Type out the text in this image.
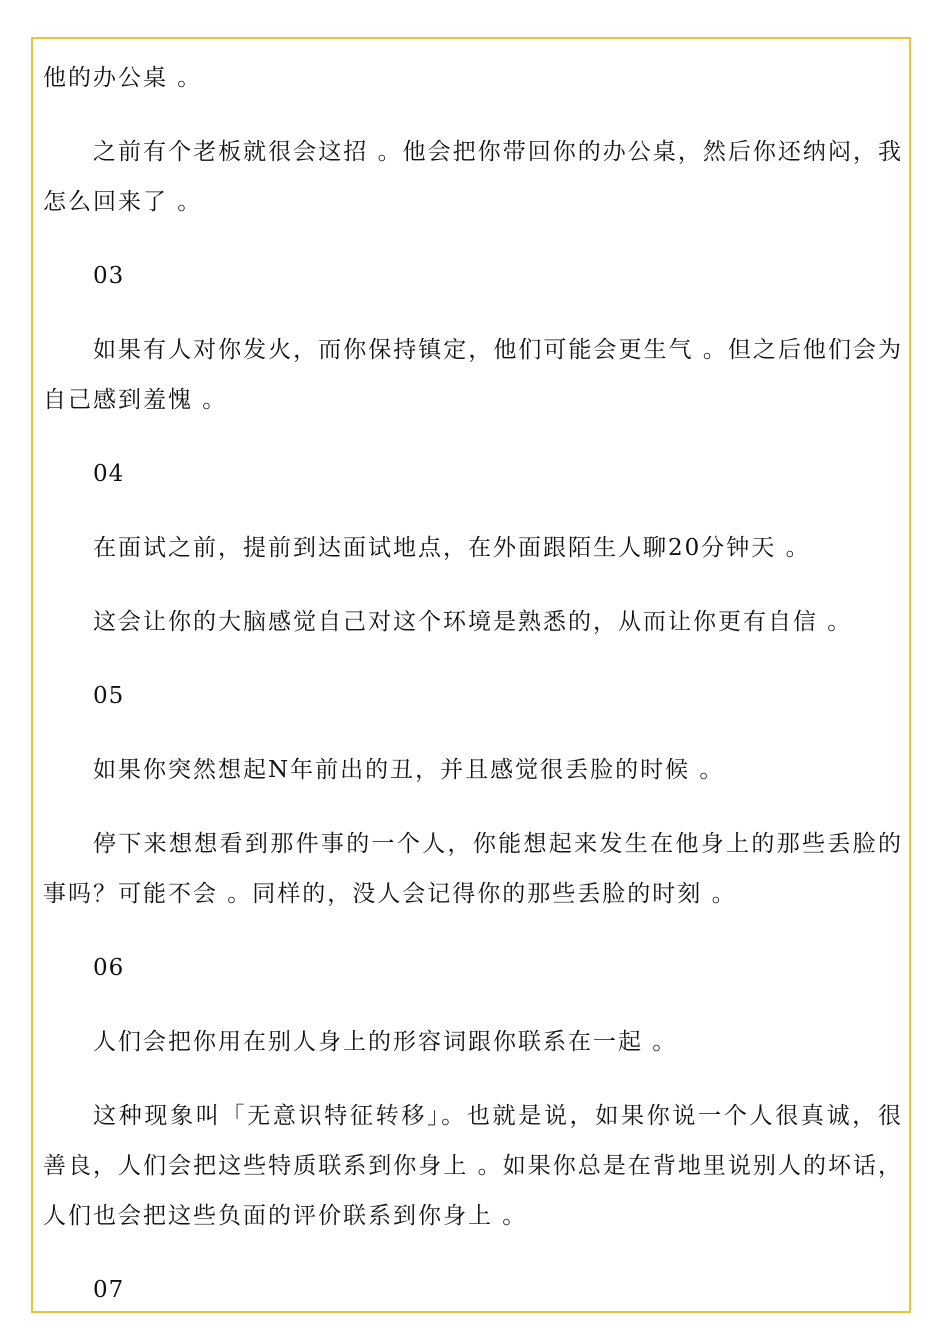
他的办公桌 。

之前有个老板就很会这招 。他会把你带回你的办公桌，然后你还纳闷，我怎么回来了 。

03

如果有人对你发火，而你保持镇定，他们可能会更生气 。但之后他们会为自己感到羞愧 。

04

在面试之前，提前到达面试地点，在外面跟陌生人聊20分钟天 。

这会让你的大脑感觉自己对这个环境是熟悉的，从而让你更有自信 。

05

如果你突然想起N年前出的丑，并且感觉很丢脸的时候 。

停下来想想看到那件事的一个人，你能想起来发生在他身上的那些丢脸的事吗？可能不会 。同样的，没人会记得你的那些丢脸的时刻 。

06

人们会把你用在别人身上的形容词跟你联系在一起 。

这种现象叫「无意识特征转移」。也就是说，如果你说一个人很真诚，很善良，人们会把这些特质联系到你身上 。如果你总是在背地里说别人的坏话，人们也会把这些负面的评价联系到你身上 。

07
